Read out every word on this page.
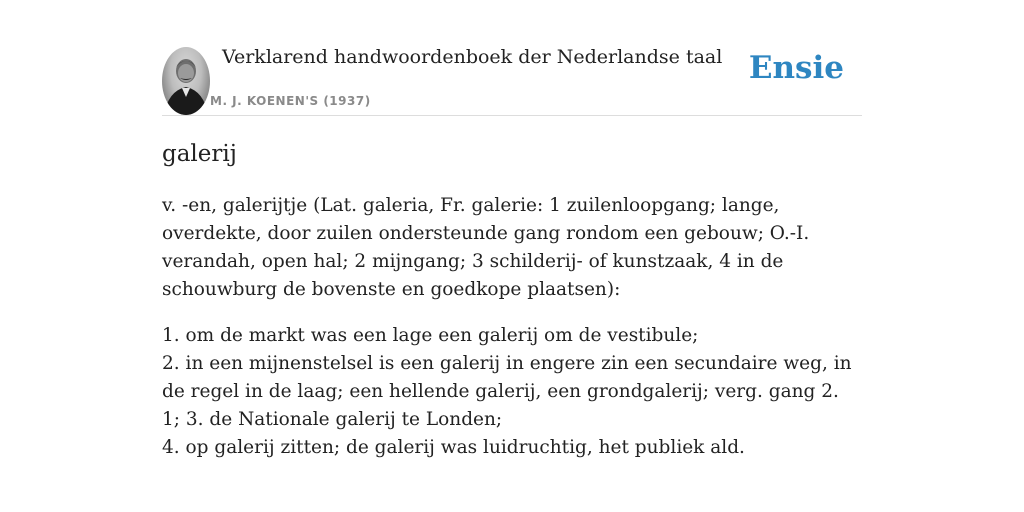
Verklarend handwoordenboek der Nederlandse taal
M. J. KOENEN'S (1937)
Ensie
galerij

v. -en, galerijtje (Lat. galeria, Fr. galerie: 1 zuilenloopgang; lange, overdekte, door zuilen ondersteunde gang rondom een gebouw; O.-I. verandah, open hal; 2 mijngang; 3 schilderij- of kunstzaak, 4 in de schouwburg de bovenste en goedkope plaatsen):

1. om de markt was een lage een galerij om de vestibule;
2. in een mijnenstelsel is een galerij in engere zin een secundaire weg, in de regel in de laag; een hellende galerij, een grondgalerij; verg. gang 2. 1; 3. de Nationale galerij te Londen;
4. op galerij zitten; de galerij was luidruchtig, het publiek ald.
